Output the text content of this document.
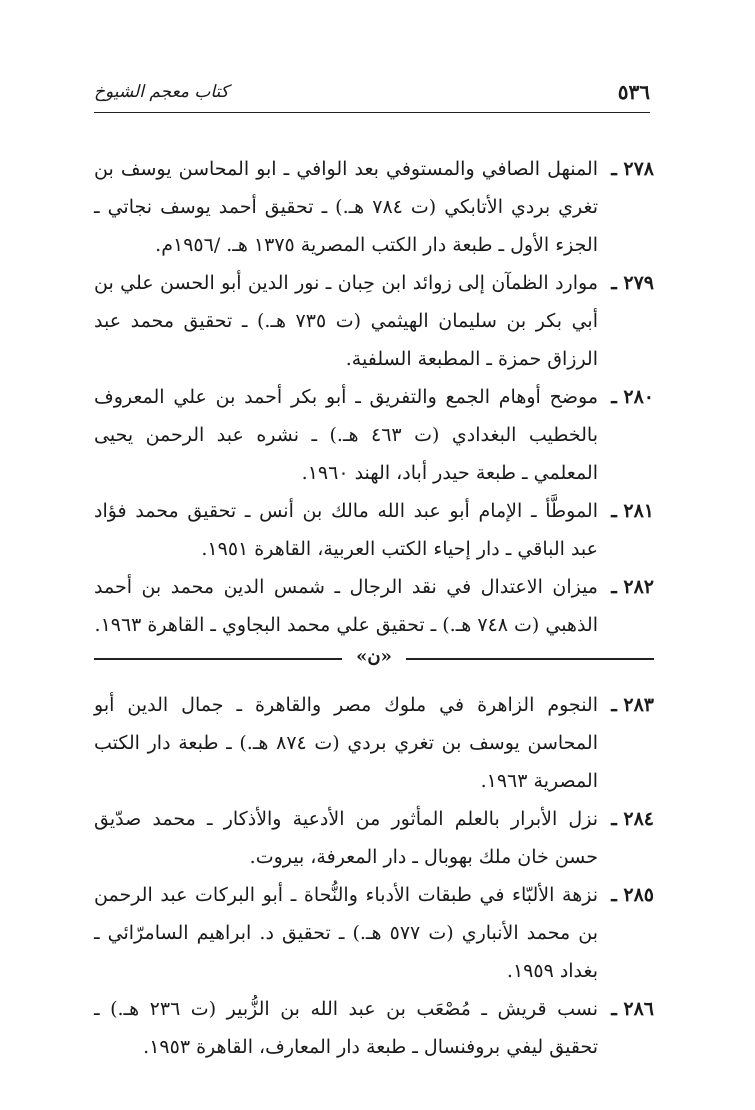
٥٣٦
كتاب معجم الشيوخ
٢٧٨ ـ
المنهل الصافي والمستوفي بعد الوافي ـ ابو المحاسن يوسف بن تغري بردي الأتابكي (ت ٧٨٤ هـ.) ـ تحقيق أحمد يوسف نجاتي ـ الجزء الأول ـ طبعة دار الكتب المصرية ١٣٧٥ هـ. /١٩٥٦م.
٢٧٩ ـ
موارد الظمآن إلى زوائد ابن حِبان ـ نور الدين أبو الحسن علي بن أبي بكر بن سليمان الهيثمي (ت ٧٣٥ هـ.) ـ تحقيق محمد عبد الرزاق حمزة ـ المطبعة السلفية.
٢٨٠ ـ
موضح أوهام الجمع والتفريق ـ أبو بكر أحمد بن علي المعروف بالخطيب البغدادي (ت ٤٦٣ هـ.) ـ نشره عبد الرحمن يحيى المعلمي ـ طبعة حيدر أباد، الهند ١٩٦٠.
٢٨١ ـ
الموطَّأ ـ الإمام أبو عبد الله مالك بن أنس ـ تحقيق محمد فؤاد عبد الباقي ـ دار إحياء الكتب العربية، القاهرة ١٩٥١.
٢٨٢ ـ
ميزان الاعتدال في نقد الرجال ـ شمس الدين محمد بن أحمد الذهبي (ت ٧٤٨ هـ.) ـ تحقيق علي محمد البجاوي ـ القاهرة ١٩٦٣.
«ن»
٢٨٣ ـ
النجوم الزاهرة في ملوك مصر والقاهرة ـ جمال الدين أبو المحاسن يوسف بن تغري بردي (ت ٨٧٤ هـ.) ـ طبعة دار الكتب المصرية ١٩٦٣.
٢٨٤ ـ
نزل الأبرار بالعلم المأثور من الأدعية والأذكار ـ محمد صدّيق حسن خان ملك بهوبال ـ دار المعرفة، بيروت.
٢٨٥ ـ
نزهة الألبّاء في طبقات الأدباء والنُّحاة ـ أبو البركات عبد الرحمن بن محمد الأنباري (ت ٥٧٧ هـ.) ـ تحقيق د. ابراهيم السامرّائي ـ بغداد ١٩٥٩.
٢٨٦ ـ
نسب قريش ـ مُصْعَب بن عبد الله بن الزُّبير (ت ٢٣٦ هـ.) ـ تحقيق ليفي بروفنسال ـ طبعة دار المعارف، القاهرة ١٩٥٣.
